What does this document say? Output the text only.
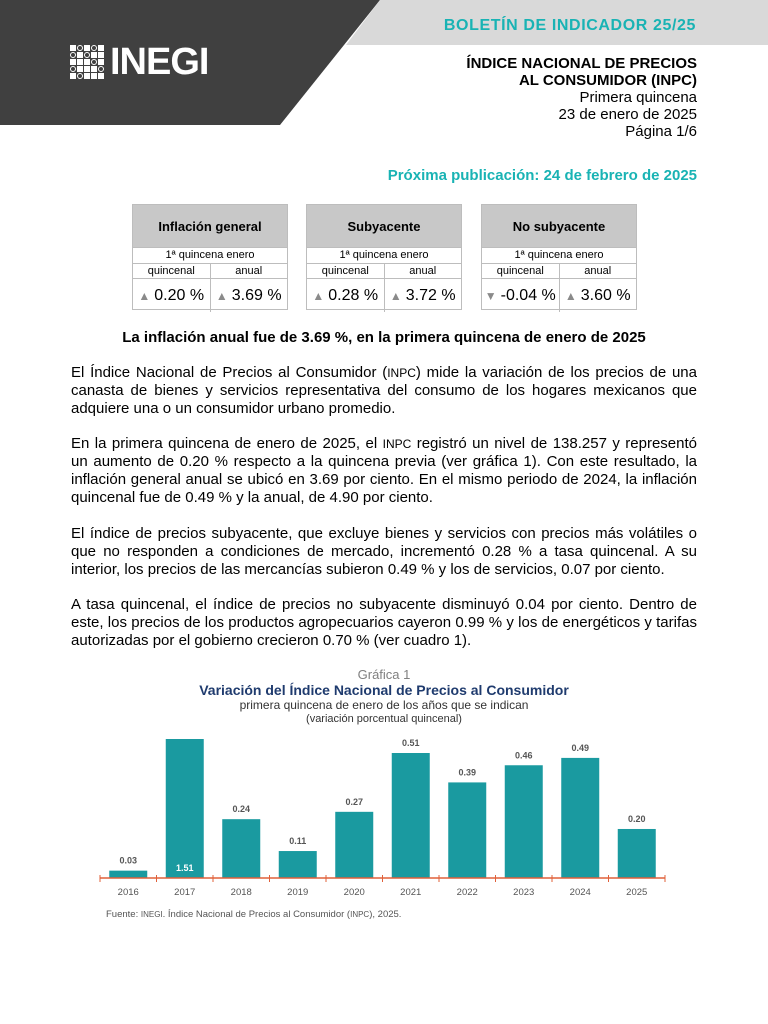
INEGI
BOLETÍN DE INDICADOR 25/25
ÍNDICE NACIONAL DE PRECIOS
AL CONSUMIDOR (INPC)
Primera quincena
23 de enero de 2025
Página 1/6
Próxima publicación: 24 de febrero de 2025
Inflación general
1ª quincena enero
quincenal	anual
▲ 0.20 % ▲ 3.69 %
Subyacente
1ª quincena enero
quincenal	anual
▲ 0.28 % ▲ 3.72 %
No subyacente
1ª quincena enero
quincenal	anual
▼ -0.04 % ▲ 3.60 %
La inflación anual fue de 3.69 %, en la primera quincena de enero de 2025
El Índice Nacional de Precios al Consumidor (INPC) mide la variación de los precios de una canasta de bienes y servicios representativa del consumo de los hogares mexicanos que adquiere una o un consumidor urbano promedio.
En la primera quincena de enero de 2025, el INPC registró un nivel de 138.257 y representó un aumento de 0.20 % respecto a la quincena previa (ver gráfica 1). Con este resultado, la inflación general anual se ubicó en 3.69 por ciento. En el mismo periodo de 2024, la inflación quincenal fue de 0.49 % y la anual, de 4.90 por ciento.
El índice de precios subyacente, que excluye bienes y servicios con precios más volátiles o que no responden a condiciones de mercado, incrementó 0.28 % a tasa quincenal. A su interior, los precios de las mercancías subieron 0.49 % y los de servicios, 0.07 por ciento.
A tasa quincenal, el índice de precios no subyacente disminuyó 0.04 por ciento. Dentro de este, los precios de los productos agropecuarios cayeron 0.99 % y los de energéticos y tarifas autorizadas por el gobierno crecieron 0.70 % (ver cuadro 1).
Gráfica 1
Variación del Índice Nacional de Precios al Consumidor
primera quincena de enero de los años que se indican
(variación porcentual quincenal)
0.03
2016
1.51
2017
0.24
2018
0.11
2019
0.27
2020
0.51
2021
0.39
2022
0.46
2023
0.49
2024
0.20
2025
Fuente: INEGI. Índice Nacional de Precios al Consumidor (INPC), 2025.
